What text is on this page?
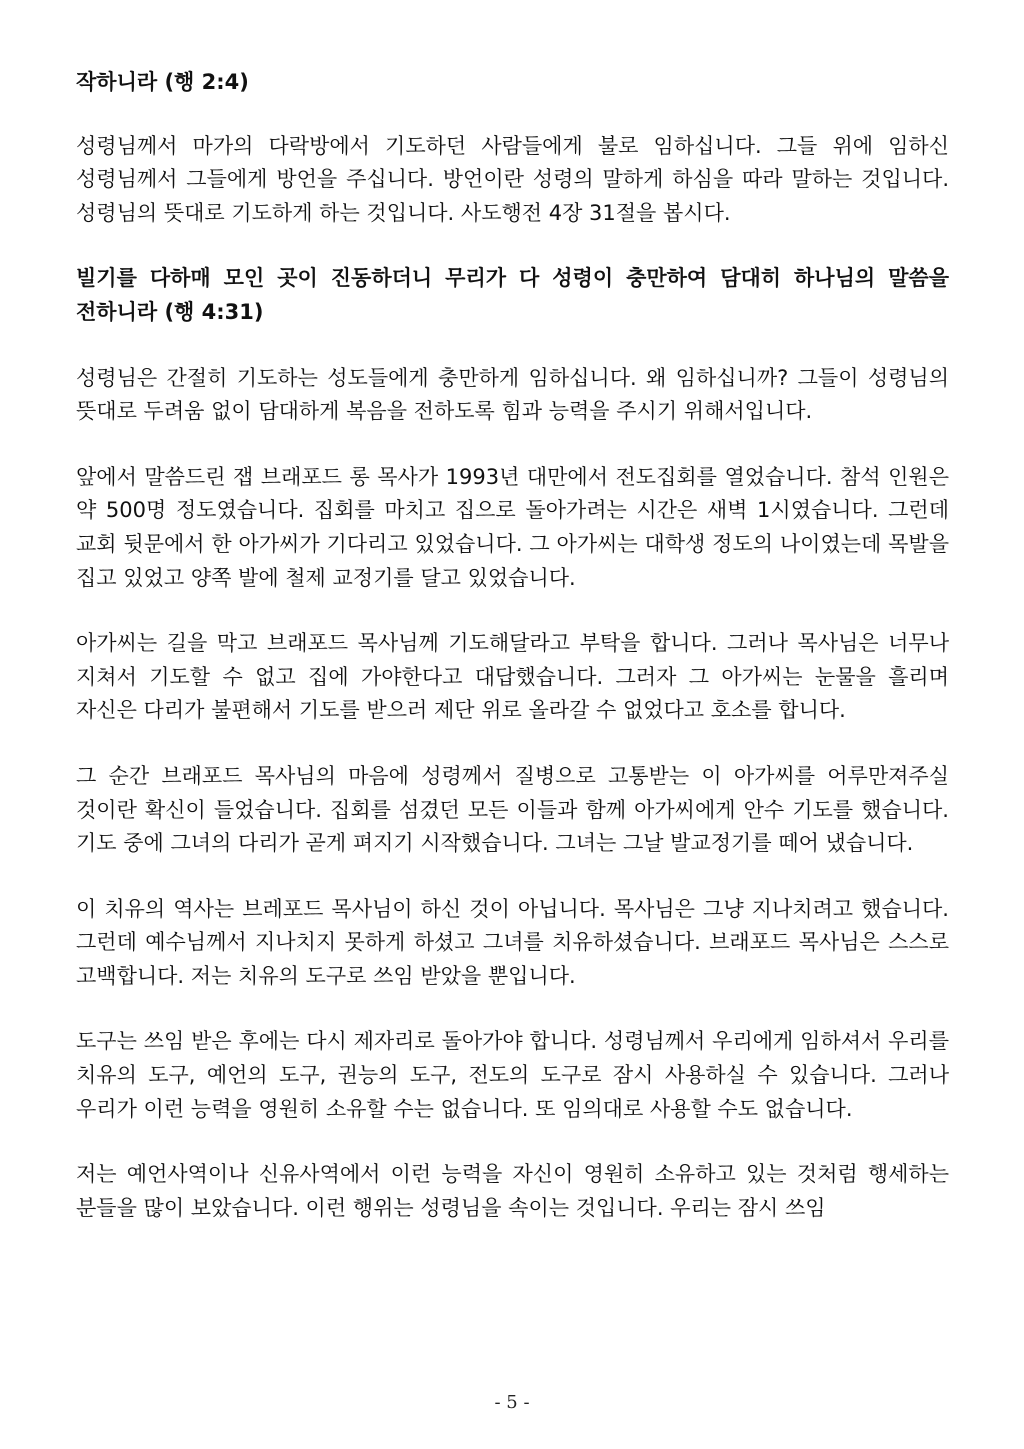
작하니라 (행 2:4)

성령님께서 마가의 다락방에서 기도하던 사람들에게 불로 임하십니다. 그들 위에 임하신 성령님께서 그들에게 방언을 주십니다. 방언이란 성령의 말하게 하심을 따라 말하는 것입니다. 성령님의 뜻대로 기도하게 하는 것입니다. 사도행전 4장 31절을 봅시다.

빌기를 다하매 모인 곳이 진동하더니 무리가 다 성령이 충만하여 담대히 하나님의 말씀을 전하니라 (행 4:31)

성령님은 간절히 기도하는 성도들에게 충만하게 임하십니다. 왜 임하십니까? 그들이 성령님의 뜻대로 두려움 없이 담대하게 복음을 전하도록 힘과 능력을 주시기 위해서입니다.

앞에서 말씀드린 잽 브래포드 롱 목사가 1993년 대만에서 전도집회를 열었습니다. 참석 인원은 약 500명 정도였습니다. 집회를 마치고 집으로 돌아가려는 시간은 새벽 1시였습니다. 그런데 교회 뒷문에서 한 아가씨가 기다리고 있었습니다. 그 아가씨는 대학생 정도의 나이였는데 목발을 집고 있었고 양쪽 발에 철제 교정기를 달고 있었습니다.

아가씨는 길을 막고 브래포드 목사님께 기도해달라고 부탁을 합니다. 그러나 목사님은 너무나 지쳐서 기도할 수 없고 집에 가야한다고 대답했습니다. 그러자 그 아가씨는 눈물을 흘리며 자신은 다리가 불편해서 기도를 받으러 제단 위로 올라갈 수 없었다고 호소를 합니다.

그 순간 브래포드 목사님의 마음에 성령께서 질병으로 고통받는 이 아가씨를 어루만져주실 것이란 확신이 들었습니다. 집회를 섬겼던 모든 이들과 함께 아가씨에게 안수 기도를 했습니다. 기도 중에 그녀의 다리가 곧게 펴지기 시작했습니다. 그녀는 그날 발교정기를 떼어 냈습니다.

이 치유의 역사는 브레포드 목사님이 하신 것이 아닙니다. 목사님은 그냥 지나치려고 했습니다. 그런데 예수님께서 지나치지 못하게 하셨고 그녀를 치유하셨습니다. 브래포드 목사님은 스스로 고백합니다. 저는 치유의 도구로 쓰임 받았을 뿐입니다.

도구는 쓰임 받은 후에는 다시 제자리로 돌아가야 합니다. 성령님께서 우리에게 임하셔서 우리를 치유의 도구, 예언의 도구, 권능의 도구, 전도의 도구로 잠시 사용하실 수 있습니다. 그러나 우리가 이런 능력을 영원히 소유할 수는 없습니다. 또 임의대로 사용할 수도 없습니다.

저는 예언사역이나 신유사역에서 이런 능력을 자신이 영원히 소유하고 있는 것처럼 행세하는 분들을 많이 보았습니다. 이런 행위는 성령님을 속이는 것입니다. 우리는 잠시 쓰임

- 5 -
